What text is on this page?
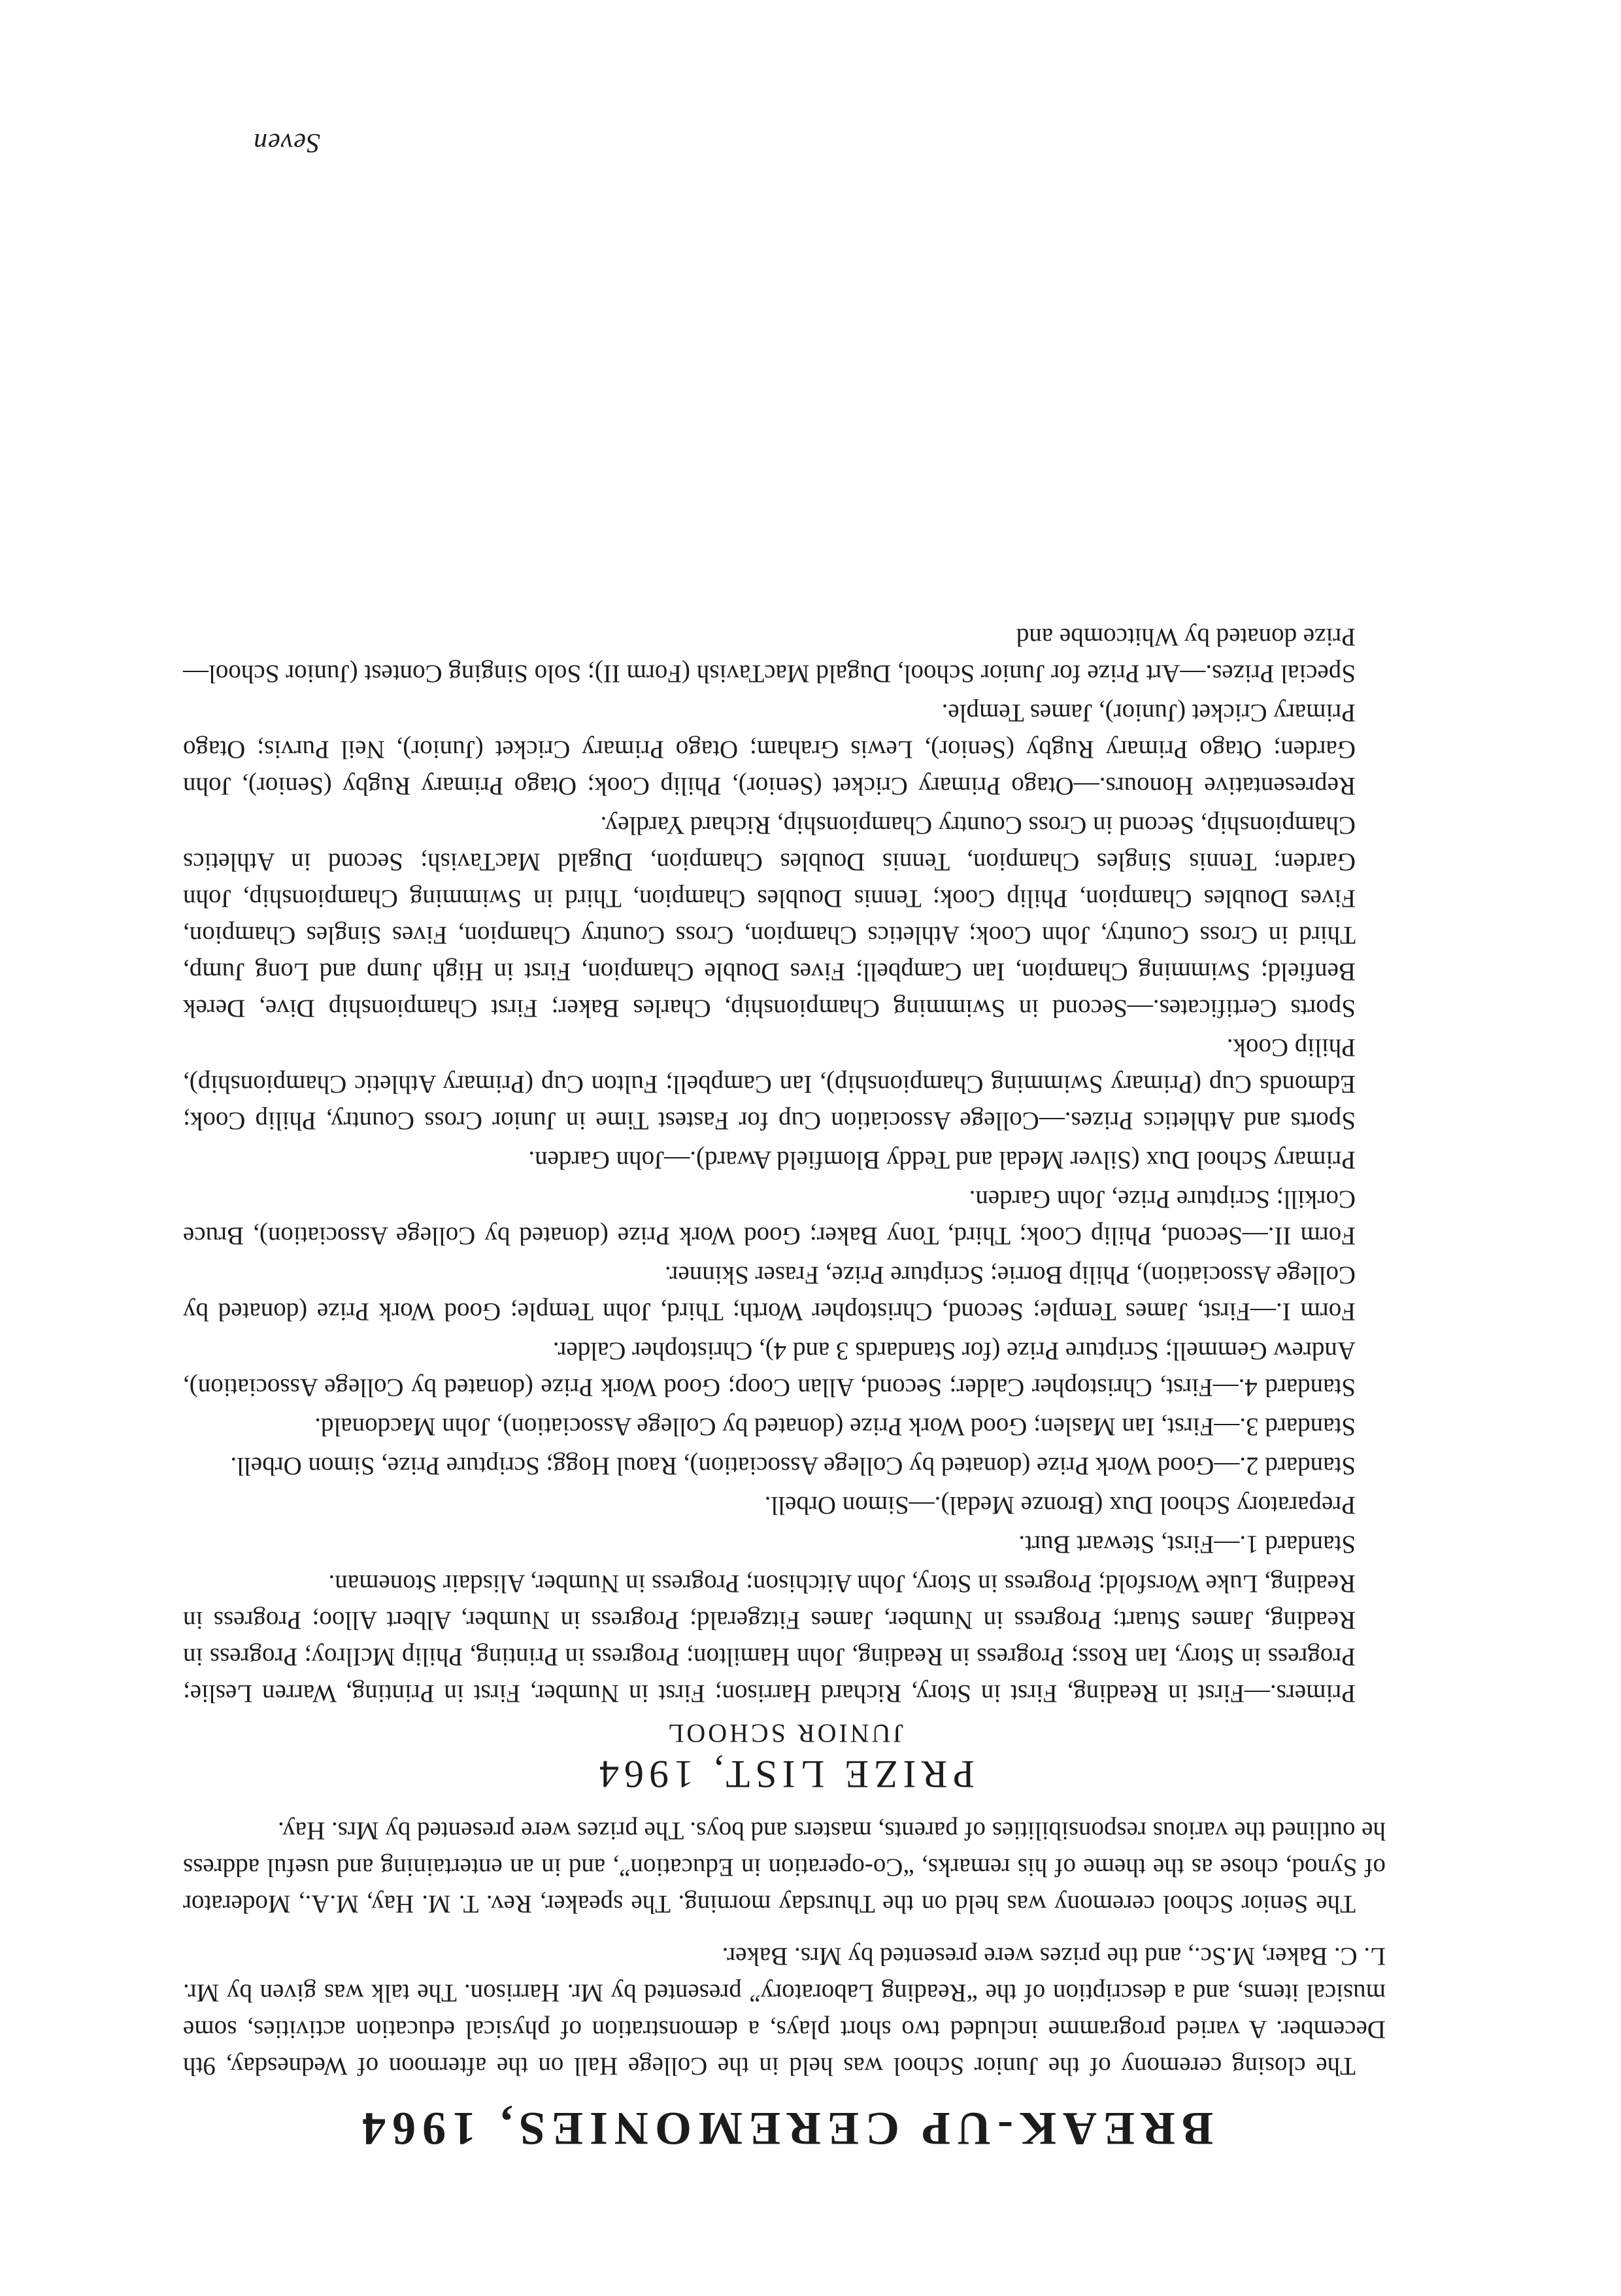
BREAK-UP CEREMONIES, 1964

The closing ceremony of the Junior School was held in the College Hall on the afternoon of Wednesday, 9th December. A varied programme included two short plays, a demonstration of physical education activities, some musical items, and a description of the “Reading Laboratory” presented by Mr. Harrison. The talk was given by Mr. L. C. Baker, M.Sc., and the prizes were presented by Mrs. Baker.

The Senior School ceremony was held on the Thursday morning. The speaker, Rev. T. M. Hay, M.A., Moderator of Synod, chose as the theme of his remarks, “Co-operation in Education”, and in an entertaining and useful address he outlined the various responsibilities of parents, masters and boys. The prizes were presented by Mrs. Hay.

PRIZE LIST, 1964
JUNIOR SCHOOL

Primers.—First in Reading, First in Story, Richard Harrison; First in Number, First in Printing, Warren Leslie; Progress in Story, Ian Ross; Progress in Reading, John Hamilton; Progress in Printing, Philip McIlroy; Progress in Reading, James Stuart; Progress in Number, James Fitzgerald; Progress in Number, Albert Alloo; Progress in Reading, Luke Worsfold; Progress in Story, John Aitchison; Progress in Number, Alisdair Stoneman.

Standard 1.—First, Stewart Burt.

Preparatory School Dux (Bronze Medal).—Simon Orbell.

Standard 2.—Good Work Prize (donated by College Association), Raoul Hogg; Scripture Prize, Simon Orbell.

Standard 3.—First, Ian Maslen; Good Work Prize (donated by College Association), John Macdonald.

Standard 4.—First, Christopher Calder; Second, Allan Coop; Good Work Prize (donated by College Association), Andrew Gemmell; Scripture Prize (for Standards 3 and 4), Christopher Calder.

Form I.—First, James Temple; Second, Christopher Worth; Third, John Temple; Good Work Prize (donated by College Association), Philip Borrie; Scripture Prize, Fraser Skinner.

Form II.—Second, Philip Cook; Third, Tony Baker; Good Work Prize (donated by College Association), Bruce Corkill; Scripture Prize, John Garden.

Primary School Dux (Silver Medal and Teddy Blomfield Award).—John Garden.

Sports and Athletics Prizes.—College Association Cup for Fastest Time in Junior Cross Country, Philip Cook; Edmonds Cup (Primary Swimming Championship), Ian Campbell; Fulton Cup (Primary Athletic Championship), Philip Cook.

Sports Certificates.—Second in Swimming Championship, Charles Baker; First Championship Dive, Derek Benfield; Swimming Champion, Ian Campbell; Fives Double Champion, First in High Jump and Long Jump, Third in Cross Country, John Cook; Athletics Champion, Cross Country Champion, Fives Singles Champion, Fives Doubles Champion, Philip Cook; Tennis Doubles Champion, Third in Swimming Championship, John Garden; Tennis Singles Champion, Tennis Doubles Champion, Dugald MacTavish; Second in Athletics Championship, Second in Cross Country Championship, Richard Yardley.

Representative Honours.—Otago Primary Cricket (Senior), Philip Cook; Otago Primary Rugby (Senior), John Garden; Otago Primary Rugby (Senior), Lewis Graham; Otago Primary Cricket (Junior), Neil Purvis; Otago Primary Cricket (Junior), James Temple.

Special Prizes.—Art Prize for Junior School, Dugald MacTavish (Form II); Solo Singing Contest (Junior School—Prize donated by Whitcombe and

Seven
